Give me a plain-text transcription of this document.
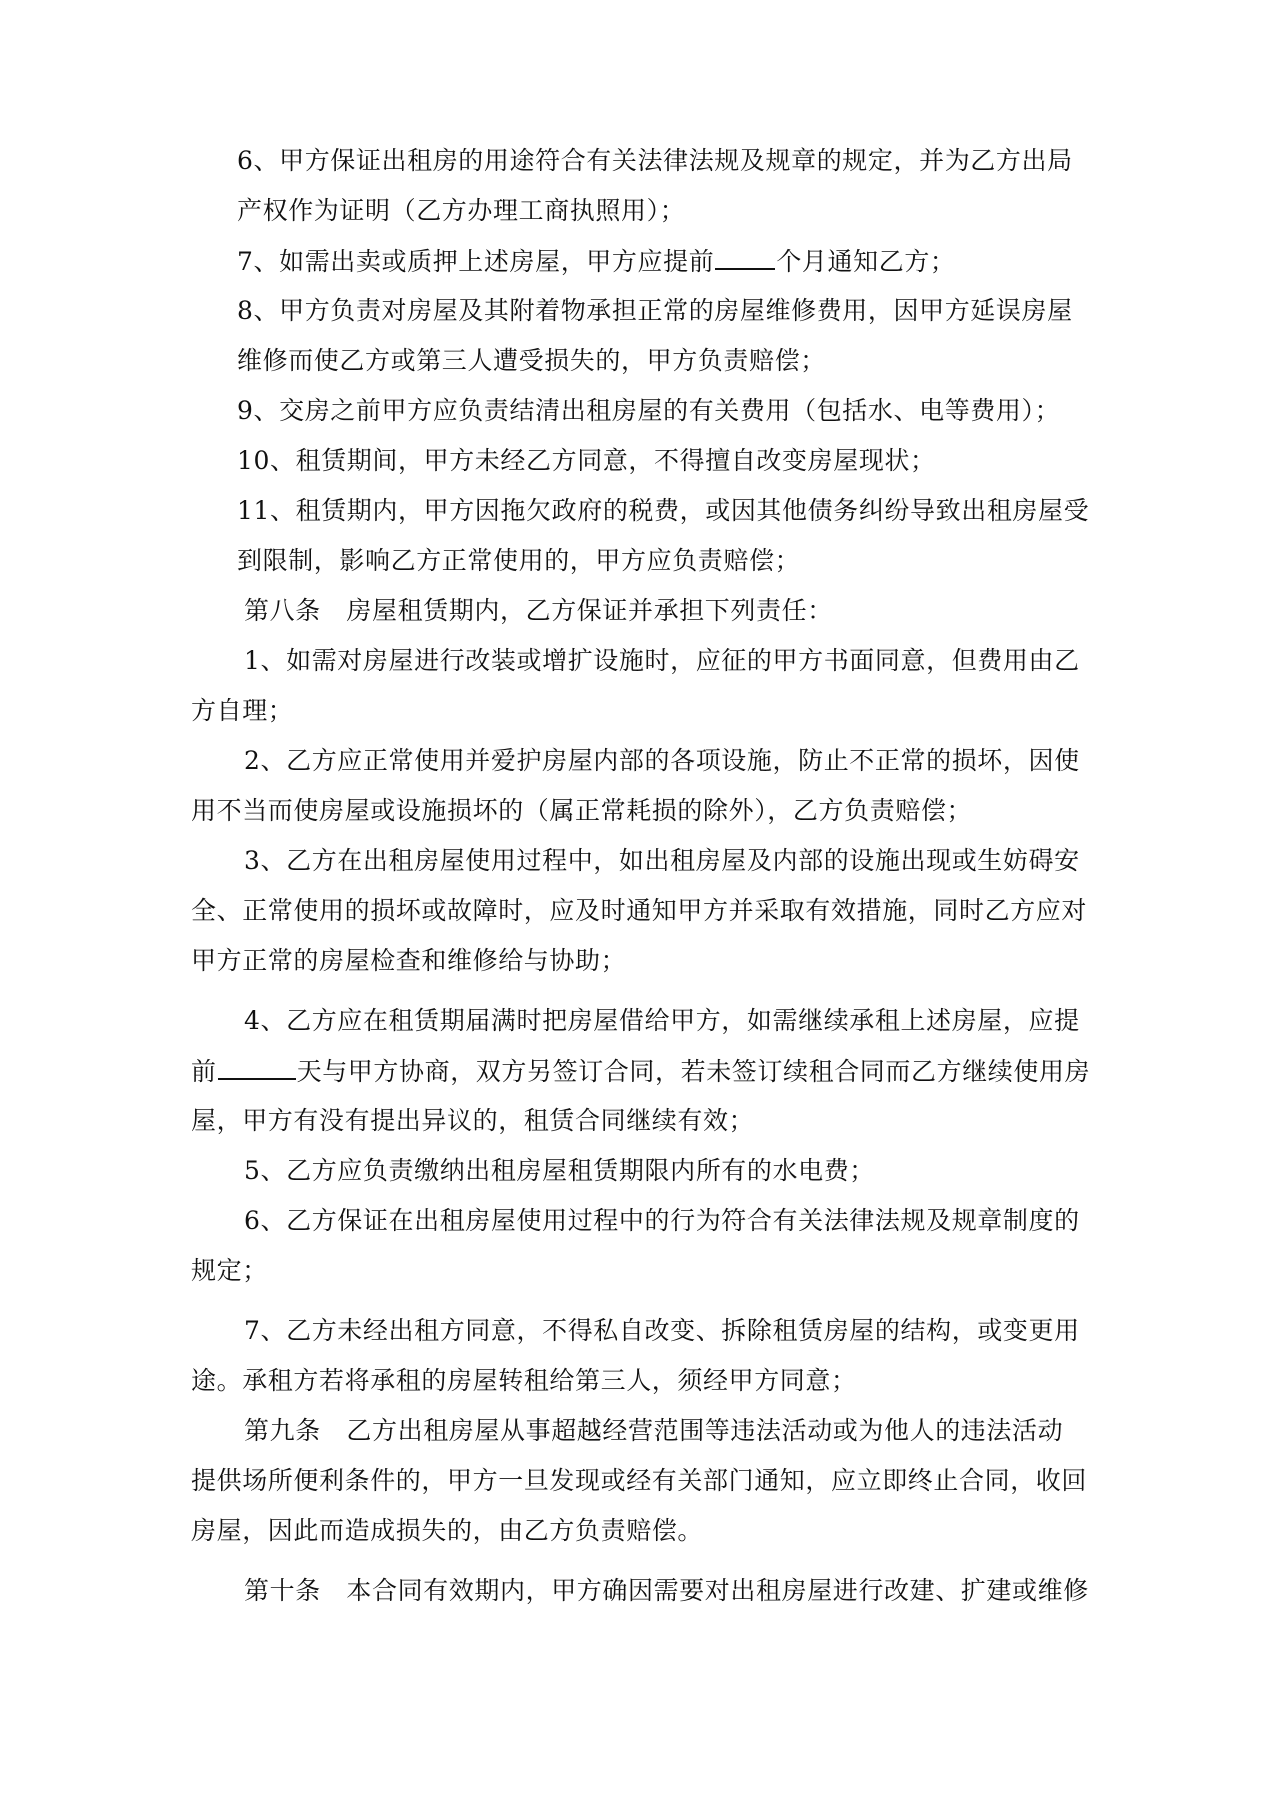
6、甲方保证出租房的用途符合有关法律法规及规章的规定，并为乙方出局
产权作为证明（乙方办理工商执照用）；
7、如需出卖或质押上述房屋，甲方应提前 个月通知乙方；
8、甲方负责对房屋及其附着物承担正常的房屋维修费用，因甲方延误房屋
维修而使乙方或第三人遭受损失的，甲方负责赔偿；
9、交房之前甲方应负责结清出租房屋的有关费用（包括水、电等费用）；
10、租赁期间，甲方未经乙方同意，不得擅自改变房屋现状；
11、租赁期内，甲方因拖欠政府的税费，或因其他债务纠纷导致出租房屋受
到限制，影响乙方正常使用的，甲方应负责赔偿；
第八条　房屋租赁期内，乙方保证并承担下列责任：
1、如需对房屋进行改装或增扩设施时，应征的甲方书面同意，但费用由乙
方自理；
2、乙方应正常使用并爱护房屋内部的各项设施，防止不正常的损坏，因使
用不当而使房屋或设施损坏的（属正常耗损的除外），乙方负责赔偿；
3、乙方在出租房屋使用过程中，如出租房屋及内部的设施出现或生妨碍安
全、正常使用的损坏或故障时，应及时通知甲方并采取有效措施，同时乙方应对
甲方正常的房屋检查和维修给与协助；
4、乙方应在租赁期届满时把房屋借给甲方，如需继续承租上述房屋，应提
前	天与甲方协商，双方另签订合同，若未签订续租合同而乙方继续使用房
屋，甲方有没有提出异议的，租赁合同继续有效；
5、乙方应负责缴纳出租房屋租赁期限内所有的水电费；
6、乙方保证在出租房屋使用过程中的行为符合有关法律法规及规章制度的
规定；
7、乙方未经出租方同意，不得私自改变、拆除租赁房屋的结构，或变更用
途。承租方若将承租的房屋转租给第三人，须经甲方同意；
第九条　乙方出租房屋从事超越经营范围等违法活动或为他人的违法活动
提供场所便利条件的，甲方一旦发现或经有关部门通知，应立即终止合同，收回
房屋，因此而造成损失的，由乙方负责赔偿。
第十条　本合同有效期内，甲方确因需要对出租房屋进行改建、扩建或维修
